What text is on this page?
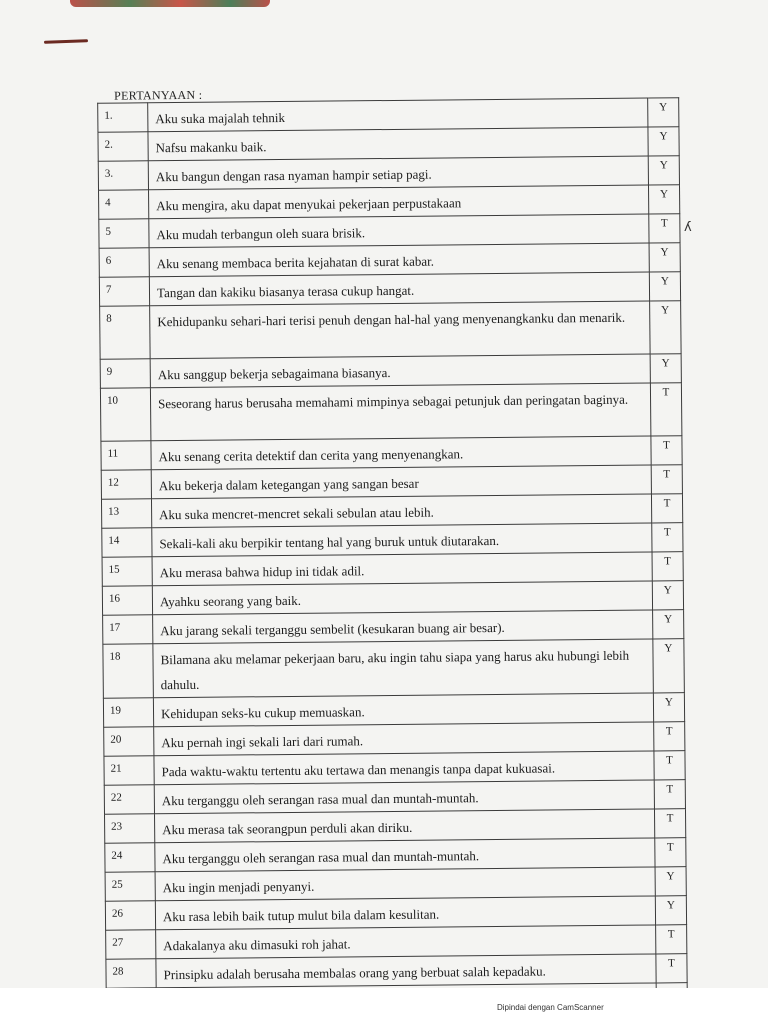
PERTANYAAN :
1.	Aku suka majalah tehnik	Y
2.	Nafsu makanku baik.	Y
3.	Aku bangun dengan rasa nyaman hampir setiap pagi.	Y
4	Aku mengira, aku dapat menyukai pekerjaan perpustakaan	Y
5	Aku mudah terbangun oleh suara brisik.	T
6	Aku senang membaca berita kejahatan di surat kabar.	Y
7	Tangan dan kakiku biasanya terasa cukup hangat.	Y
8	Kehidupanku sehari-hari terisi penuh dengan hal-hal yang menyenangkanku dan menarik.	Y
9	Aku sanggup bekerja sebagaimana biasanya.	Y
10	Seseorang harus berusaha memahami mimpinya sebagai petunjuk dan peringatan baginya.	T
11	Aku senang cerita detektif dan cerita yang menyenangkan.	T
12	Aku bekerja dalam ketegangan yang sangan besar	T
13	Aku suka mencret-mencret sekali sebulan atau lebih.	T
14	Sekali-kali aku berpikir tentang hal yang buruk untuk diutarakan.	T
15	Aku merasa bahwa hidup ini tidak adil.	T
16	Ayahku seorang yang baik.	Y
17	Aku jarang sekali terganggu sembelit (kesukaran buang air besar).	Y
18	Bilamana aku melamar pekerjaan baru, aku ingin tahu siapa yang harus aku hubungi lebih dahulu.	Y
19	Kehidupan seks-ku cukup memuaskan.	Y
20	Aku pernah ingi sekali lari dari rumah.	T
21	Pada waktu-waktu tertentu aku tertawa dan menangis tanpa dapat kukuasai.	T
22	Aku terganggu oleh serangan rasa mual dan muntah-muntah.	T
23	Aku merasa tak seorangpun perduli akan diriku.	T
24	Aku terganggu oleh serangan rasa mual dan muntah-muntah.	T
25	Aku ingin menjadi penyanyi.	Y
26	Aku rasa lebih baik tutup mulut bila dalam kesulitan.	Y
27	Adakalanya aku dimasuki roh jahat.	T
28	Prinsipku adalah berusaha membalas orang yang berbuat salah kepadaku.	T

ʎ
Dipindai dengan CamScanner
